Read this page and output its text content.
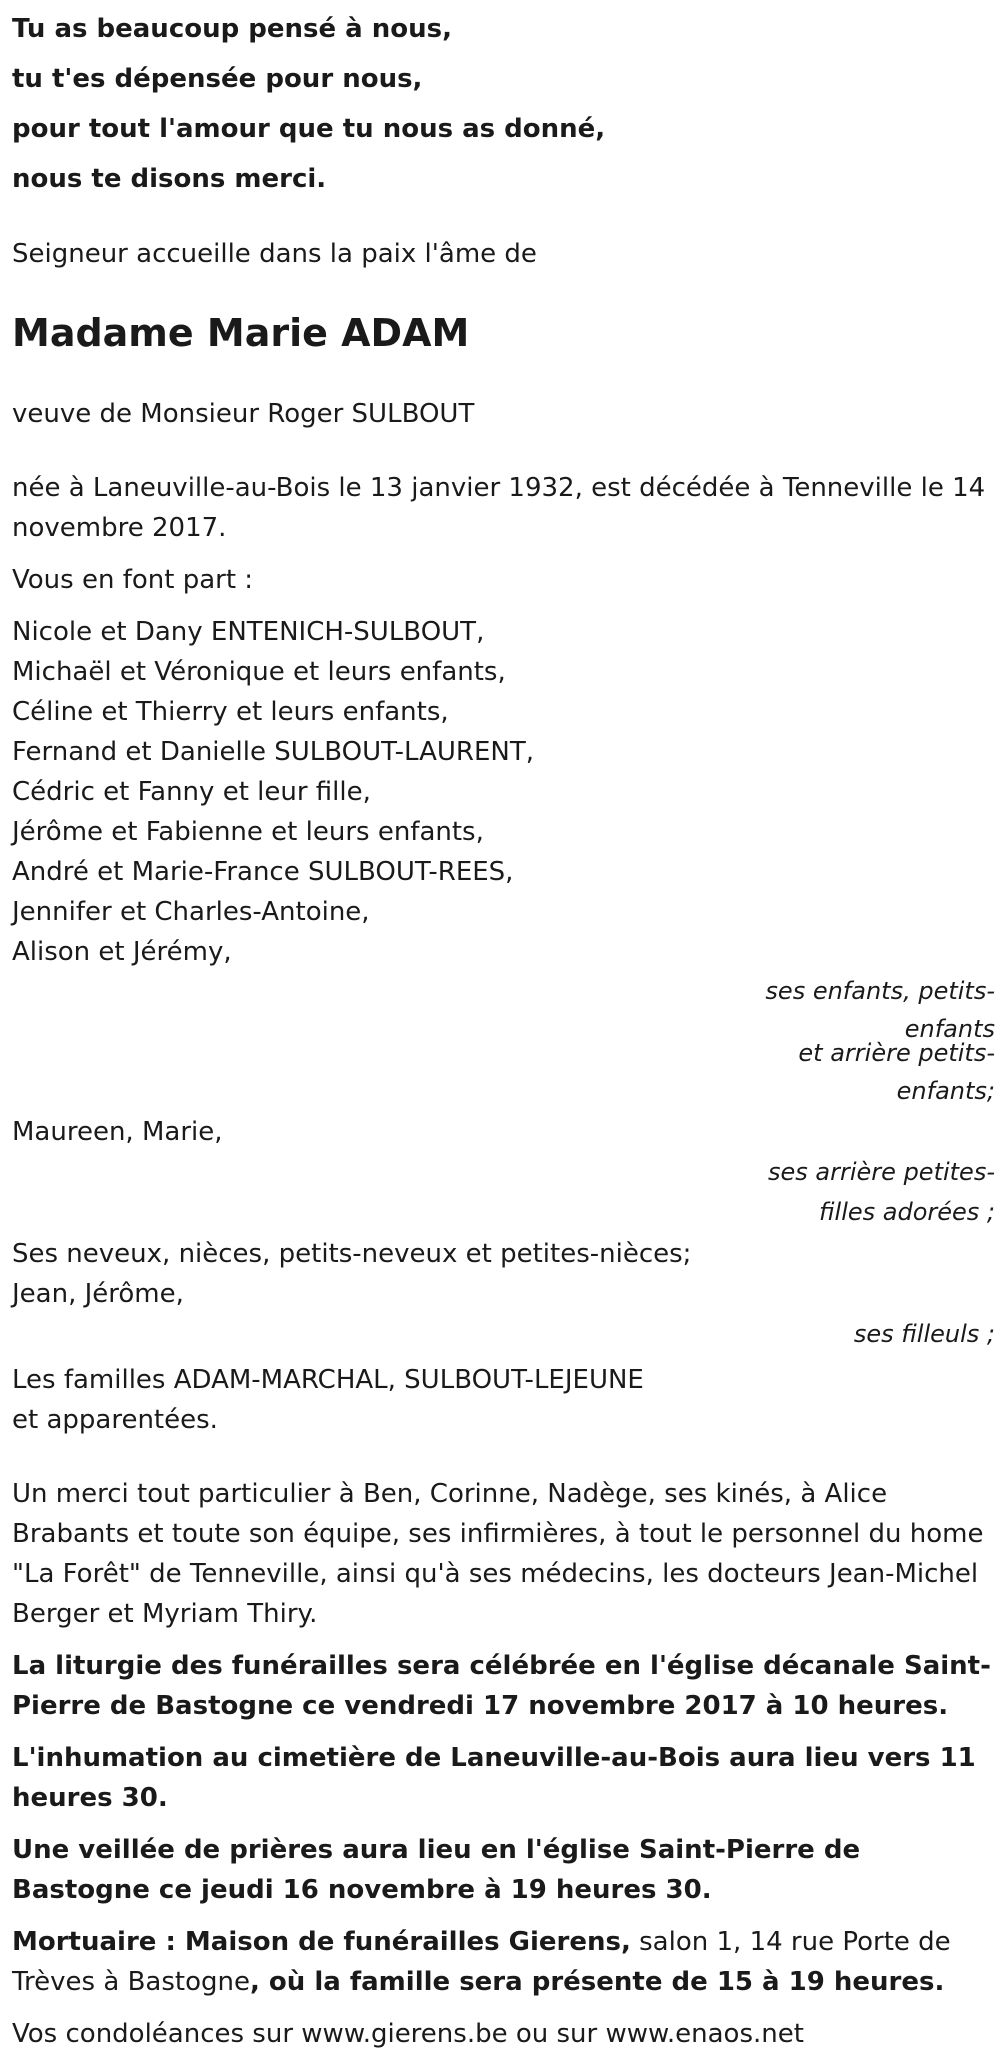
Tu as beaucoup pensé à nous,
tu t'es dépensée pour nous,
pour tout l'amour que tu nous as donné,
nous te disons merci.
Seigneur accueille dans la paix l'âme de
Madame Marie ADAM
veuve de Monsieur Roger SULBOUT
née à Laneuville-au-Bois le 13 janvier 1932, est décédée à Tenneville le 14 novembre 2017.
Vous en font part :
Nicole et Dany ENTENICH-SULBOUT,
Michaël et Véronique et leurs enfants,
Céline et Thierry et leurs enfants,
Fernand et Danielle SULBOUT-LAURENT,
Cédric et Fanny et leur fille,
Jérôme et Fabienne et leurs enfants,
André et Marie-France SULBOUT-REES,
Jennifer et Charles-Antoine,
Alison et Jérémy,
ses enfants, petits-
enfants
et arrière petits-
enfants;
Maureen, Marie,
ses arrière petites-
filles adorées ;
Ses neveux, nièces, petits-neveux et petites-nièces;
Jean, Jérôme,
ses filleuls ;
Les familles ADAM-MARCHAL, SULBOUT-LEJEUNE
et apparentées.
Un merci tout particulier à Ben, Corinne, Nadège, ses kinés, à Alice Brabants et toute son équipe, ses infirmières, à tout le personnel du home "La Forêt" de Tenneville, ainsi qu'à ses médecins, les docteurs Jean-Michel Berger et Myriam Thiry.
La liturgie des funérailles sera célébrée en l'église décanale Saint-Pierre de Bastogne ce vendredi 17 novembre 2017 à 10 heures.
L'inhumation au cimetière de Laneuville-au-Bois aura lieu vers 11 heures 30.
Une veillée de prières aura lieu en l'église Saint-Pierre de Bastogne ce jeudi 16 novembre à 19 heures 30.
Mortuaire : Maison de funérailles Gierens, salon 1, 14 rue Porte de Trèves à Bastogne, où la famille sera présente de 15 à 19 heures.
Vos condoléances sur www.gierens.be ou sur www.enaos.net
